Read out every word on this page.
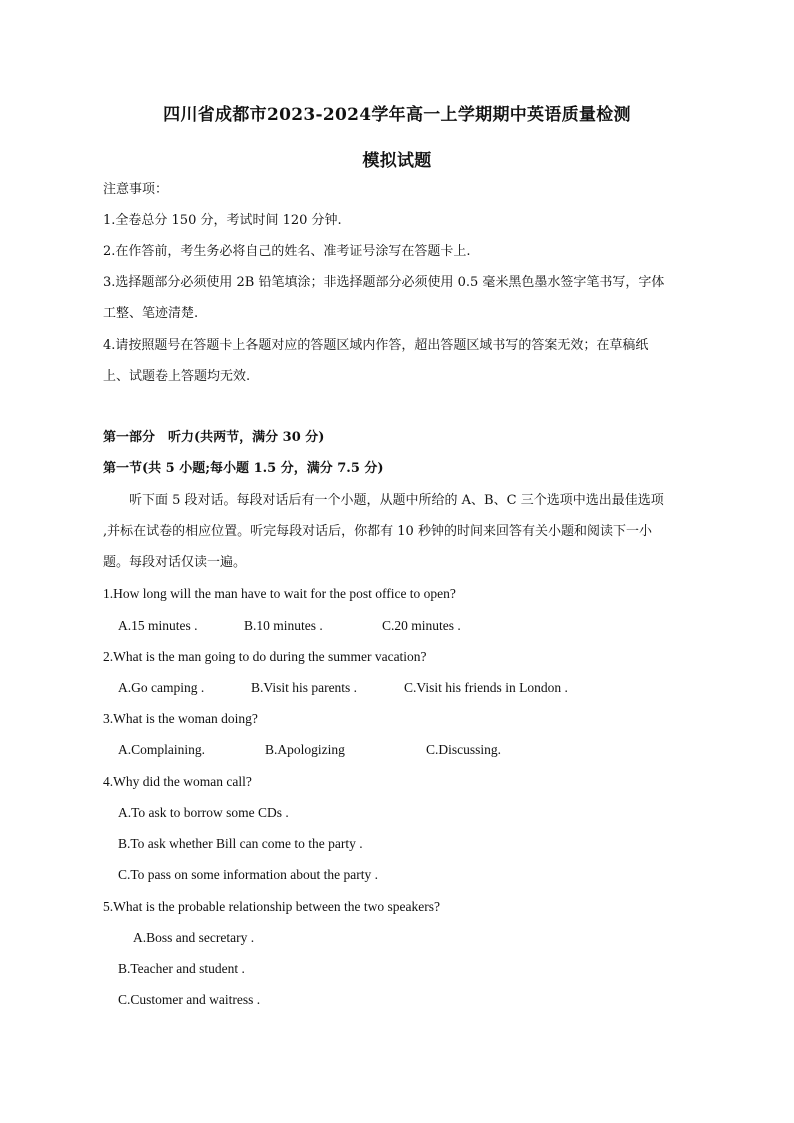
四川省成都市2023-2024学年高一上学期期中英语质量检测
模拟试题
注意事项：
1.全卷总分 150 分，考试时间 120 分钟.
2.在作答前，考生务必将自己的姓名、准考证号涂写在答题卡上.
3.选择题部分必须使用 2B 铅笔填涂；非选择题部分必须使用 0.5 毫米黑色墨水签字笔书写，字体
工整、笔迹清楚.
4.请按照题号在答题卡上各题对应的答题区域内作答，超出答题区域书写的答案无效；在草稿纸
上、试题卷上答题均无效.
第一部分　听力(共两节，满分 30 分)
第一节(共 5 小题;每小题 1.5 分，满分 7.5 分)
听下面 5 段对话。每段对话后有一个小题，从题中所给的 A、B、C 三个选项中选出最佳选项
,并标在试卷的相应位置。听完每段对话后，你都有 10 秒钟的时间来回答有关小题和阅读下一小
题。每段对话仅读一遍。
1.How long will the man have to wait for the post office to open?
A.15 minutes .	B.10 minutes .	C.20 minutes .
2.What is the man going to do during the summer vacation?
A.Go camping .	B.Visit his parents .	C.Visit his friends in London .
3.What is the woman doing?
A.Complaining.	B.Apologizing	C.Discussing.
4.Why did the woman call?
A.To ask to borrow some CDs .
B.To ask whether Bill can come to the party .
C.To pass on some information about the party .
5.What is the probable relationship between the two speakers?
A.Boss and secretary .
B.Teacher and student .
C.Customer and waitress .
